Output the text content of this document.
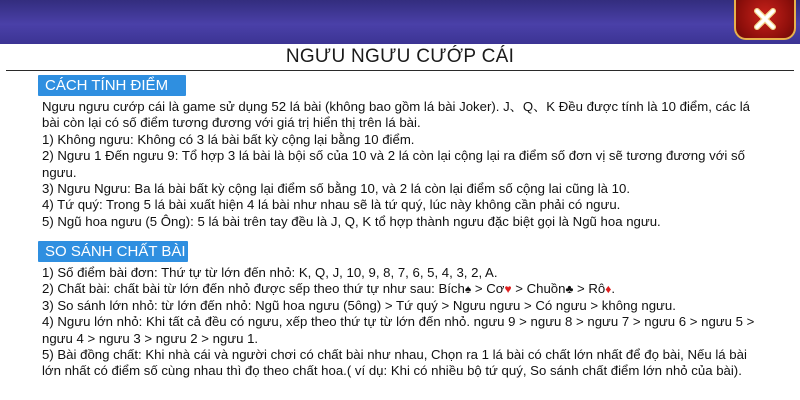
NGƯU NGƯU CƯỚP CÁI
CÁCH TÍNH ĐIỂM
Ngưu ngưu cướp cái là game sử dụng 52 lá bài (không bao gồm lá bài Joker). J、Q、K Đều được tính là 10 điểm, các lá
bài còn lại có số điểm tương đương với giá trị hiển thị trên lá bài.
1) Không ngưu: Không có 3 lá bài bất kỳ cộng lại bằng 10 điểm.
2) Ngưu 1 Đến ngưu 9: Tổ hợp 3 lá bài là bội số của 10 và 2 lá còn lại cộng lại ra điểm số đơn vị sẽ tương đương với số
ngưu.
3) Ngưu Ngưu: Ba lá bài bất kỳ cộng lại điểm số bằng 10, và 2 lá còn lại điểm số cộng lai cũng là 10.
4) Tứ quý: Trong 5 lá bài xuất hiện 4 lá bài như nhau sẽ là tứ quý, lúc này không cần phải có ngưu.
5) Ngũ hoa ngưu (5 Ông): 5 lá bài trên tay đều là J, Q, K tổ hợp thành ngưu đặc biệt gọi là Ngũ hoa ngưu.
SO SÁNH CHẤT BÀI
1) Số điểm bài đơn: Thứ tự từ lớn đến nhỏ: K, Q, J, 10, 9, 8, 7, 6, 5, 4, 3, 2, A.
2) Chất bài: chất bài từ lớn đến nhỏ được sếp theo thứ tự như sau: Bích♠ > Cơ♥ > Chuồn♣ > Rô♦.
3) So sánh lớn nhỏ: từ lớn đến nhỏ: Ngũ hoa ngưu (5ông) > Tứ quý > Ngưu ngưu > Có ngưu > không ngưu.
4) Ngưu lớn nhỏ: Khi tất cả đều có ngưu, xếp theo thứ tự từ lớn đến nhỏ. ngưu 9 > ngưu 8 > ngưu 7 > ngưu 6 > ngưu 5 >
ngưu 4 > ngưu 3 > ngưu 2 > ngưu 1.
5) Bài đồng chất: Khi nhà cái và người chơi có chất bài như nhau, Chọn ra 1 lá bài có chất lớn nhất để đọ bài, Nếu lá bài
lớn nhất có điểm số cùng nhau thì đọ theo chất hoa.( ví dụ: Khi có nhiều bộ tứ quý, So sánh chất điểm lớn nhỏ của bài).
